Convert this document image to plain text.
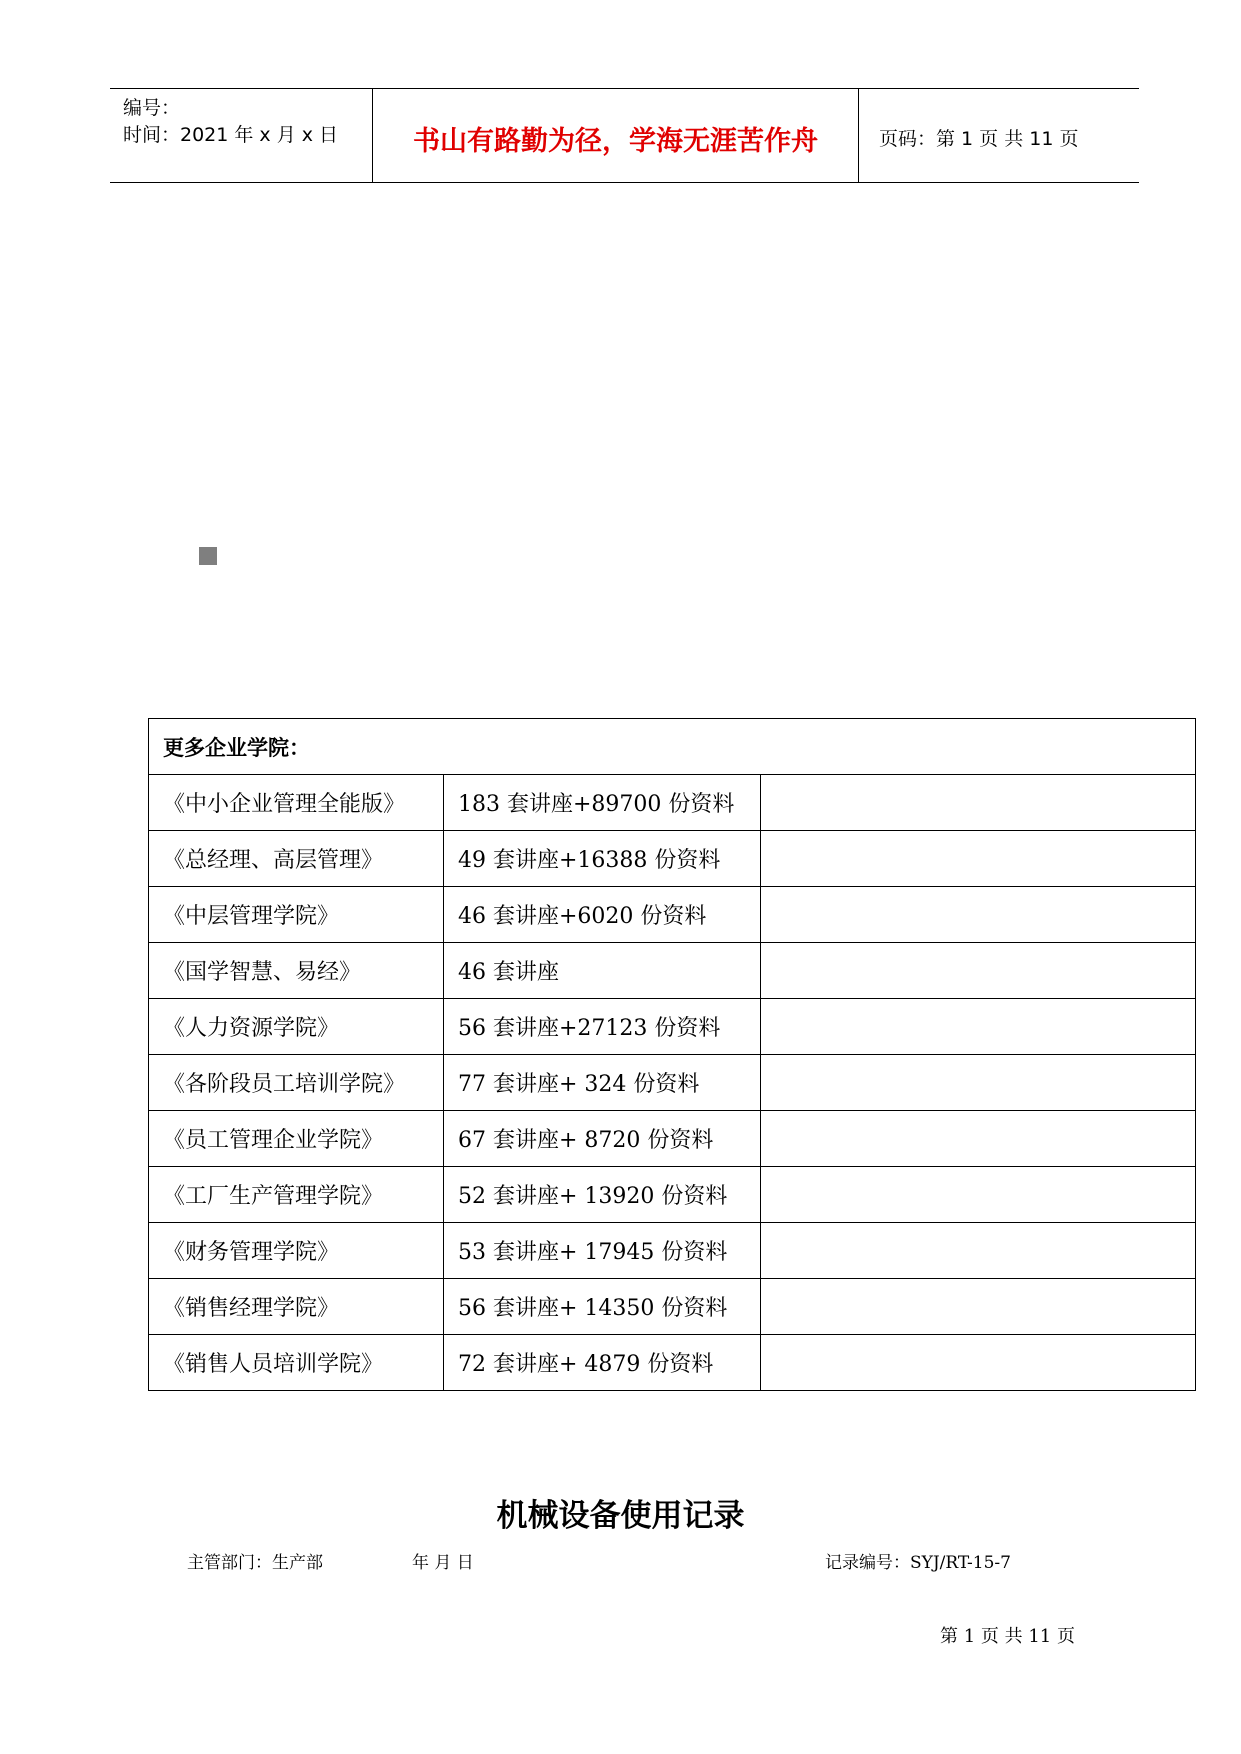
编号：
时间：2021 年 x 月 x 日	书山有路勤为径，学海无涯苦作舟	页码：第 1 页 共 11 页
更多企业学院：		
《中小企业管理全能版》	183 套讲座+89700 份资料	
《总经理、高层管理》	49 套讲座+16388 份资料	
《中层管理学院》	46 套讲座+6020 份资料	
《国学智慧、易经》	46 套讲座	
《人力资源学院》	56 套讲座+27123 份资料	
《各阶段员工培训学院》	77 套讲座+ 324 份资料	
《员工管理企业学院》	67 套讲座+ 8720 份资料	
《工厂生产管理学院》	52 套讲座+ 13920 份资料	
《财务管理学院》	53 套讲座+ 17945 份资料	
《销售经理学院》	56 套讲座+ 14350 份资料	
《销售人员培训学院》	72 套讲座+ 4879 份资料	
机械设备使用记录
主管部门：生产部	年 月 日	记录编号：SYJ/RT-15-7
第 1 页 共 11 页
